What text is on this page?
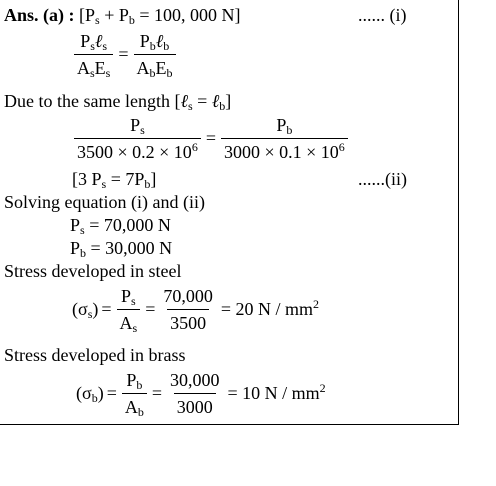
Ans. (a) : [$P_s + P_b = 100$, 000 N]	...... (i)
$\frac{P_s\ell_s}{A_sE_s} = \frac{P_b\ell_b}{A_bE_b}$
Due to the same length [ℓ$_s$ = ℓ$_b$]
$\frac{P_s}{3500 \times 0.2 \times 10^6} = \frac{P_b}{3000 \times 0.1 \times 10^6}$
[3 $P_s = 7P_b$]	......(ii)
Solving equation (i) and (ii)
$P_s = 70,000$ N
$P_b = 30,000$ N
Stress developed in steel
$(\sigma_s) = \frac{P_s}{A_s} = \frac{70,000}{3500} = 20$ N / $mm^2$
Stress developed in brass
$(\sigma_b) = \frac{P_b}{A_b} = \frac{30,000}{3000} = 10$ N / $mm^2$
